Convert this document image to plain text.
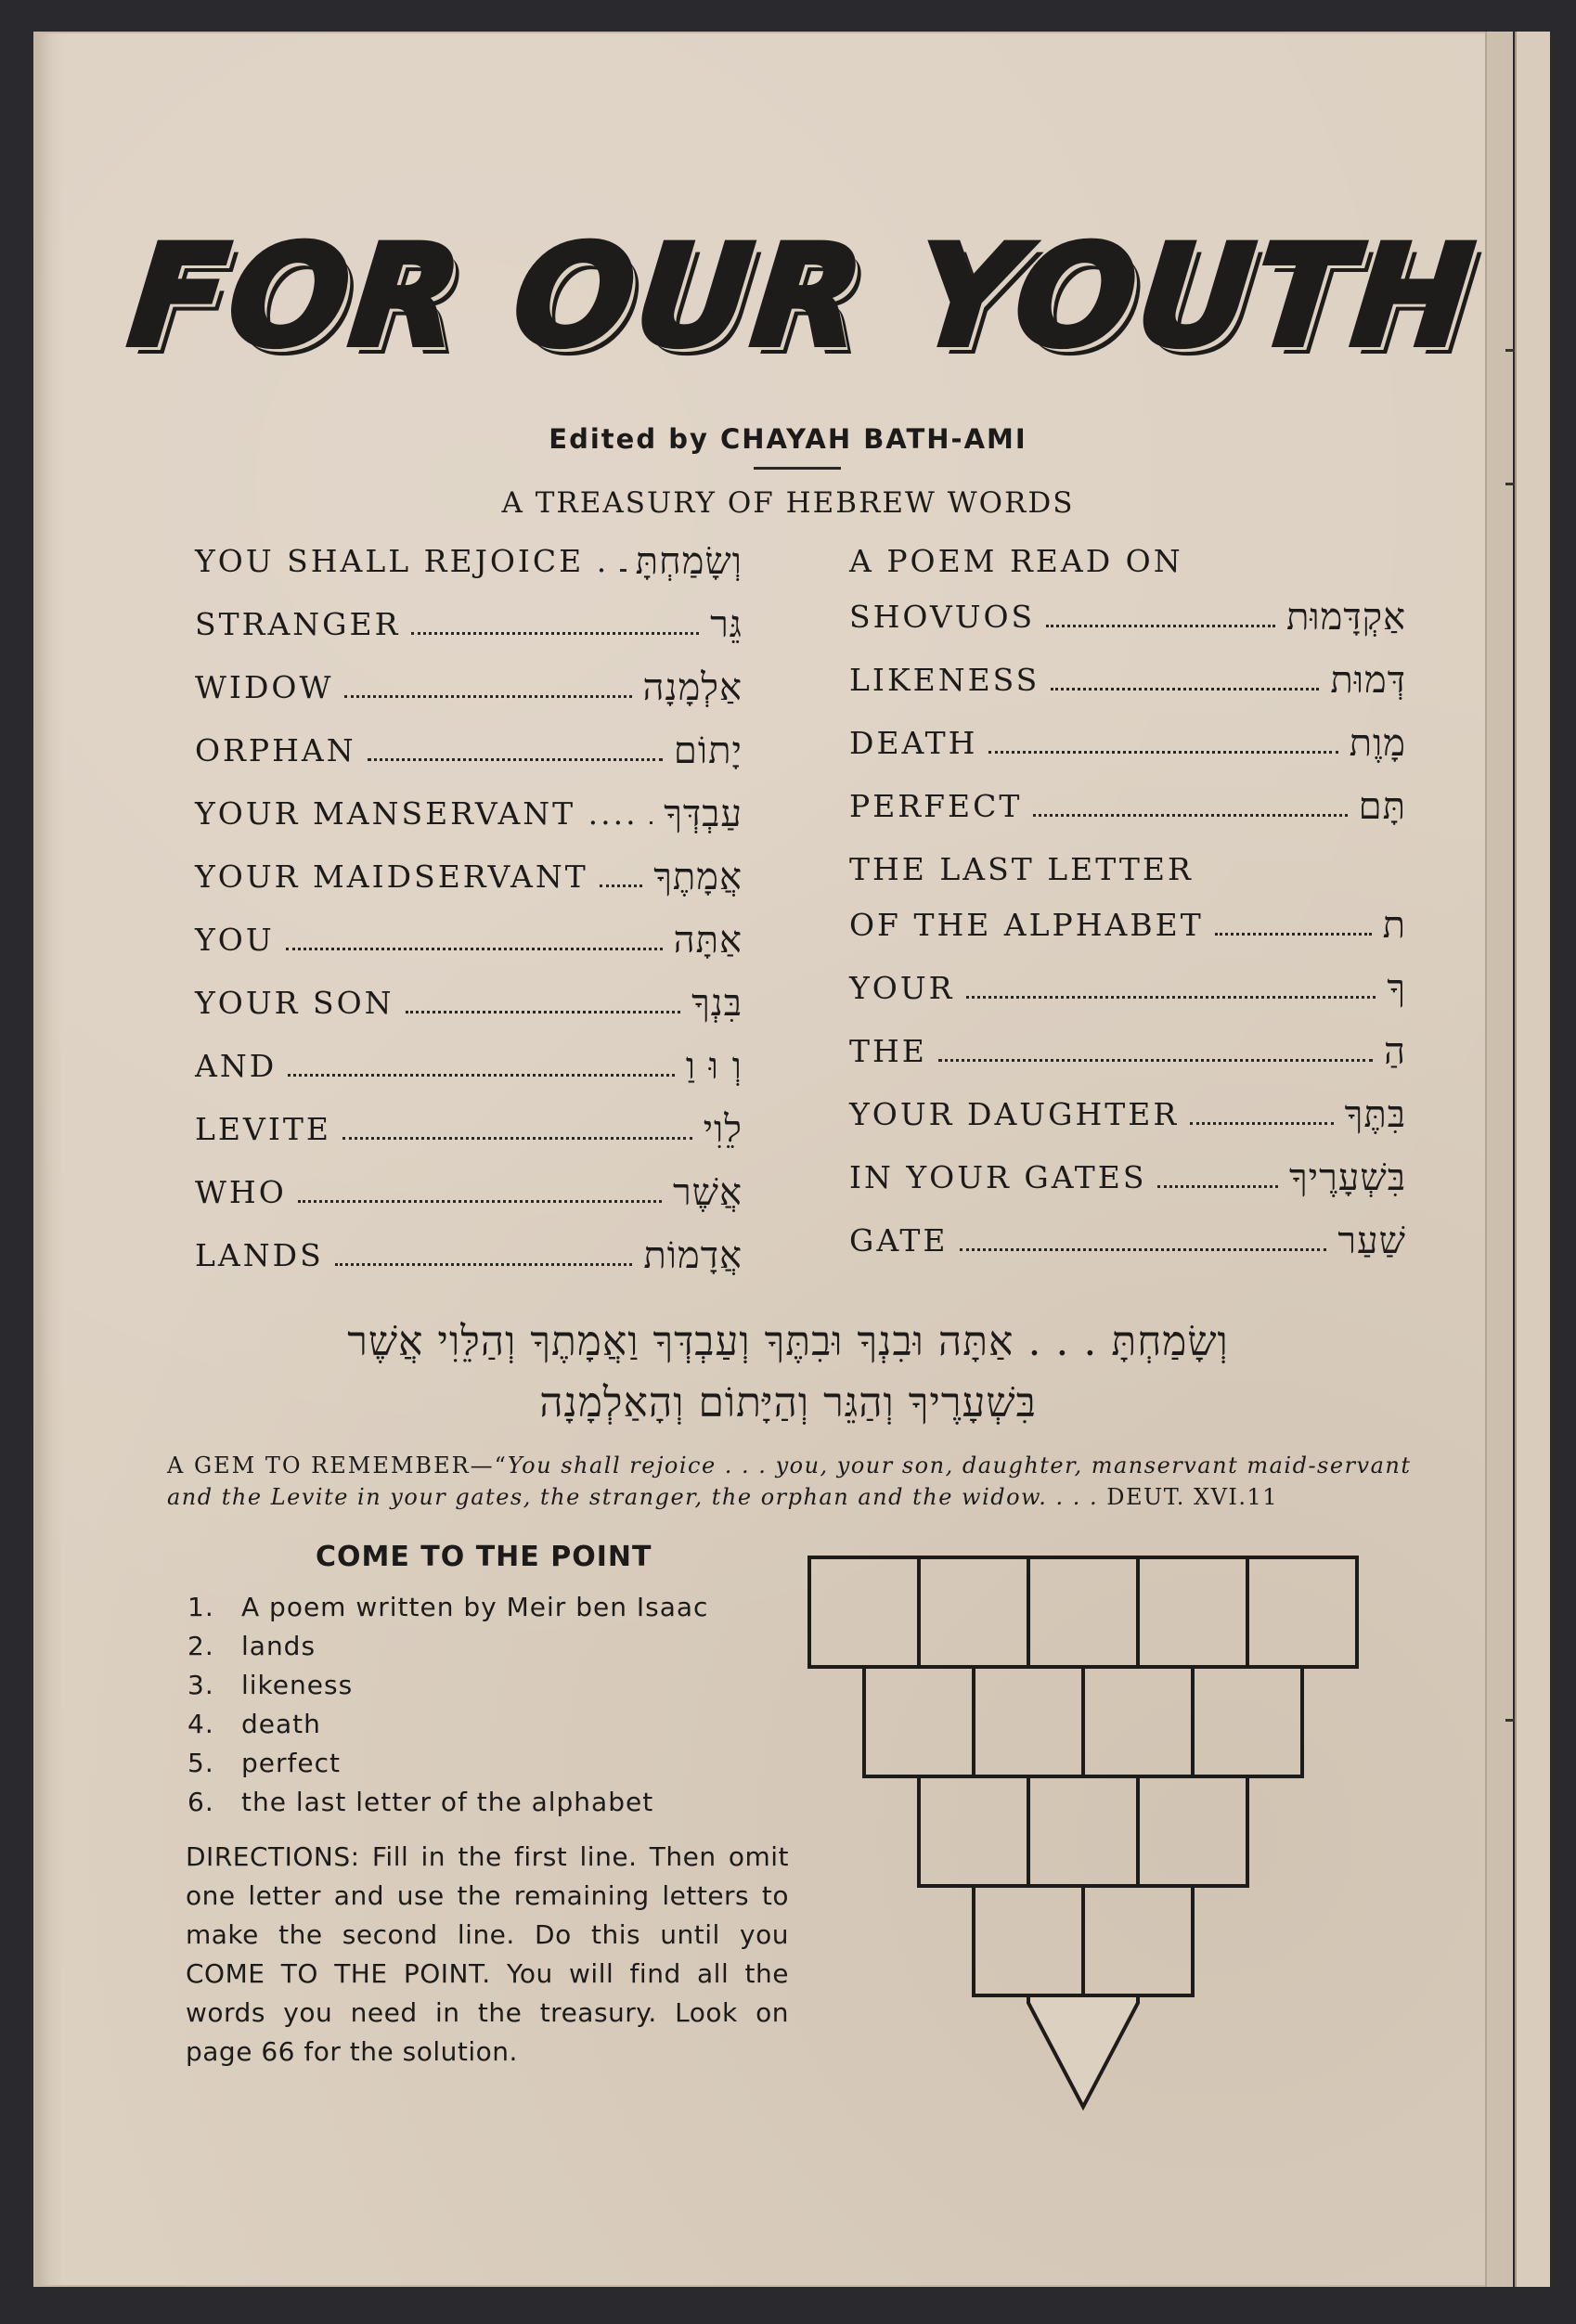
FOR OUR YOUTH
Edited by CHAYAH BATH-AMI
A TREASURY OF HEBREW WORDS
YOU SHALL REJOICE . וְשָׂמַחְתָּ
STRANGER	גֵּר
WIDOW	אַלְמָנָה
ORPHAN	יָתוֹם
YOUR MANSERVANT .... עַבְדְּךָ
YOUR MAIDSERVANT אֲמָתֶךָ
YOU	אַתָּה
YOUR SON	בִּנְךָ
AND	וְ וּ וַ
LEVITE	לֵוִי
WHO	אֲשֶׁר
LANDS	אֲדָמוֹת
A POEM READ ON
SHOVUOS	אַקְדָּמוּת
LIKENESS	דְּמוּת
DEATH	מָוֶת
PERFECT	תָּם
THE LAST LETTER
OF THE ALPHABET	ת
YOUR	ךָ
THE	הַ
YOUR DAUGHTER	בִּתֶּךָ
IN YOUR GATES	בִּשְׁעָרֶיךָ
GATE	שַׁעַר
וְשָׂמַחְתָּ . . . אַתָּה וּבִנְךָ וּבִתֶּךָ וְעַבְדְּךָ וַאֲמָתֶךָ וְהַלֵּוִי אֲשֶׁר
בִּשְׁעָרֶיךָ וְהַגֵּר וְהַיָּתוֹם וְהָאַלְמָנָה
A GEM TO REMEMBER—“You shall rejoice . . . you, your son, daughter, manservant maid-servant and the Levite in your gates, the stranger, the orphan and the widow. . . . DEUT. XVI.11
COME TO THE POINT
1.	A poem written by Meir ben Isaac
2.	lands
3.	likeness
4.	death
5.	perfect
6.	the last letter of the alphabet
DIRECTIONS: Fill in the first line. Then omit one letter and use the remaining letters to make the second line. Do this until you COME TO THE POINT. You will find all the words you need in the treasury. Look on page 66 for the solution.
